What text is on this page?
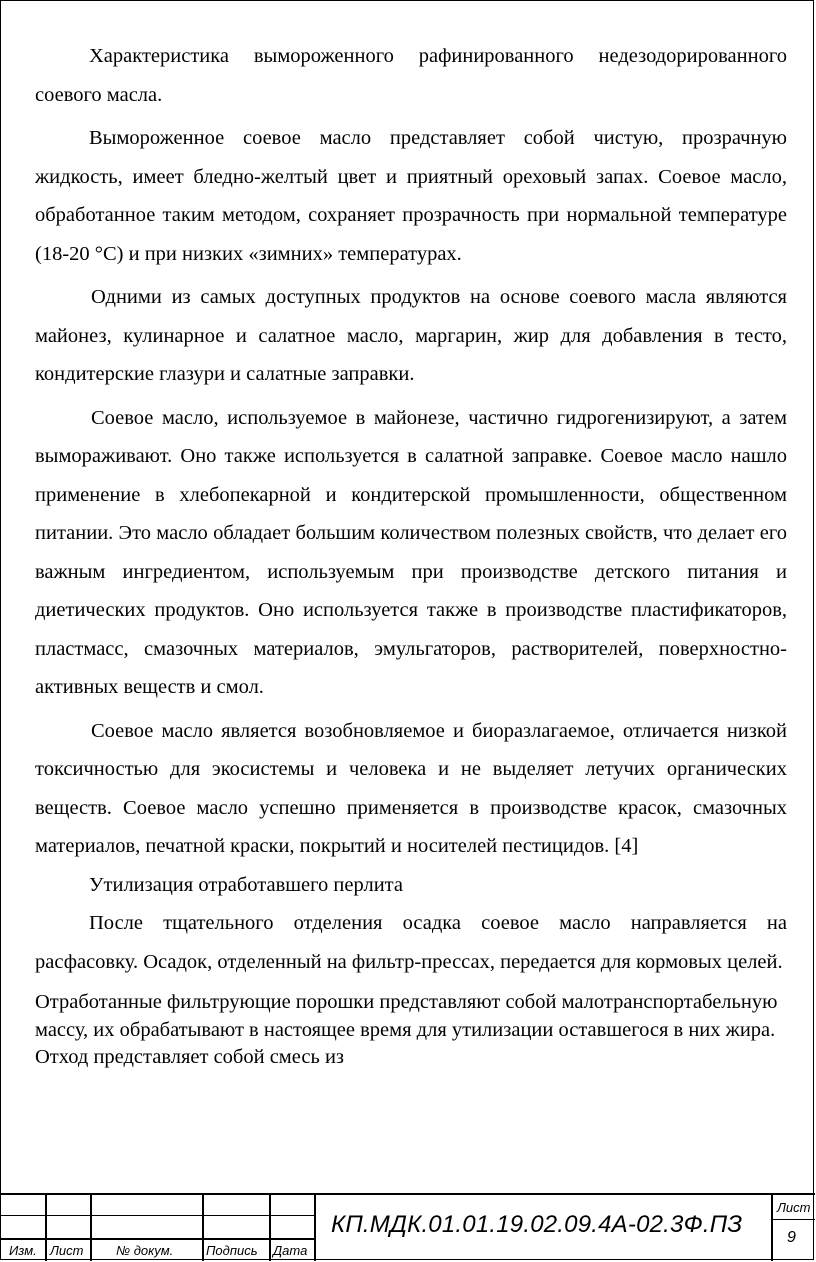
Характеристика вымороженного рафинированного недезодорированного соевого масла.

Вымороженное соевое масло представляет собой чистую, прозрачную жидкость, имеет бледно-желтый цвет и приятный ореховый запах. Соевое масло, обработанное таким методом, сохраняет прозрачность при нормальной температуре (18-20 °С) и при низких «зимних» температурах.

Одними из самых доступных продуктов на основе соевого масла являются майонез, кулинарное и салатное масло, маргарин, жир для добавления в тесто, кондитерские глазури и салатные заправки.

Соевое масло, используемое в майонезе, частично гидрогенизируют, а затем вымораживают. Оно также используется в салатной заправке. Соевое масло нашло применение в хлебопекарной и кондитерской промышленности, общественном питании. Это масло обладает большим количеством полезных свойств, что делает его важным ингредиентом, используемым при производстве детского питания и диетических продуктов. Оно используется также в производстве пластификаторов, пластмасс, смазочных материалов, эмульгаторов, растворителей, поверхностно-активных веществ и смол.

Соевое масло является возобновляемое и биоразлагаемое, отличается низкой токсичностью для экосистемы и человека и не выделяет летучих органических веществ. Соевое масло успешно применяется в производстве красок, смазочных материалов, печатной краски, покрытий и носителей пестицидов. [4]

Утилизация отработавшего перлита

После тщательного отделения осадка соевое масло направляется на расфасовку. Осадок, отделенный на фильтр-прессах, передается для кормовых целей.

Отработанные фильтрующие порошки представляют собой малотранспортабельную массу, их обрабатывают в настоящее время для утилизации оставшегося в них жира. Отход представляет собой смесь из

Изм. Лист	№ докум.	Подпись Дата
КП.МДК.01.01.19.02.09.4А-02.3Ф.ПЗ
Лист
9
